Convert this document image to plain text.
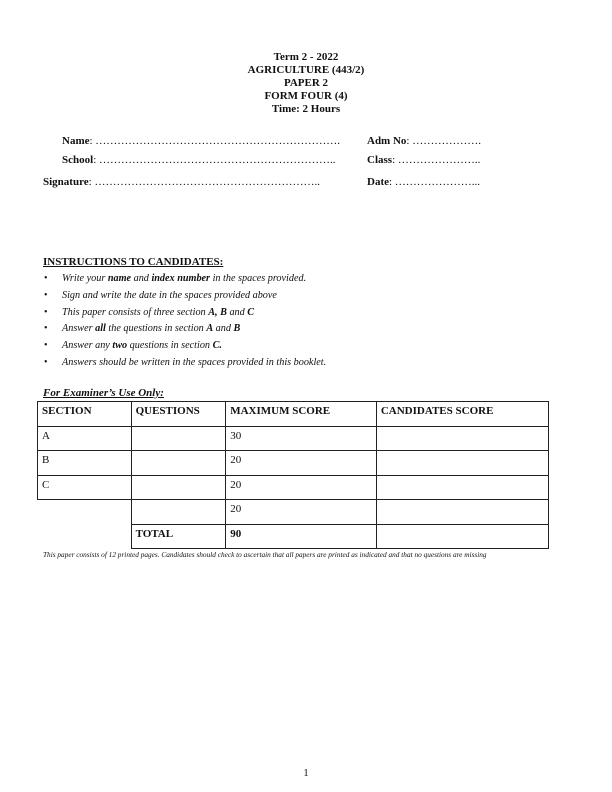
Term 2 - 2022
AGRICULTURE (443/2)
PAPER 2
FORM FOUR (4)
Time: 2 Hours
Name: …………………………………………………………. Adm No: ……………….
School: ………………………………………………………..	Class: …………………..
Signature: ……………………………………………………..	Date: …………………...
INSTRUCTIONS TO CANDIDATES:
• Write your name and index number in the spaces provided.
• Sign and write the date in the spaces provided above
• This paper consists of three section A, B and C
• Answer all the questions in section A and B
• Answer any two questions in section C.
• Answers should be written in the spaces provided in this booklet.
For Examiner’s Use Only:
SECTION	QUESTIONS	MAXIMUM SCORE	CANDIDATES SCORE
A		30	
B		20	
C		20	
		20	
	TOTAL	90	
This paper consists of 12 printed pages. Candidates should check to ascertain that all papers are printed as indicated and that no questions are missing
1
